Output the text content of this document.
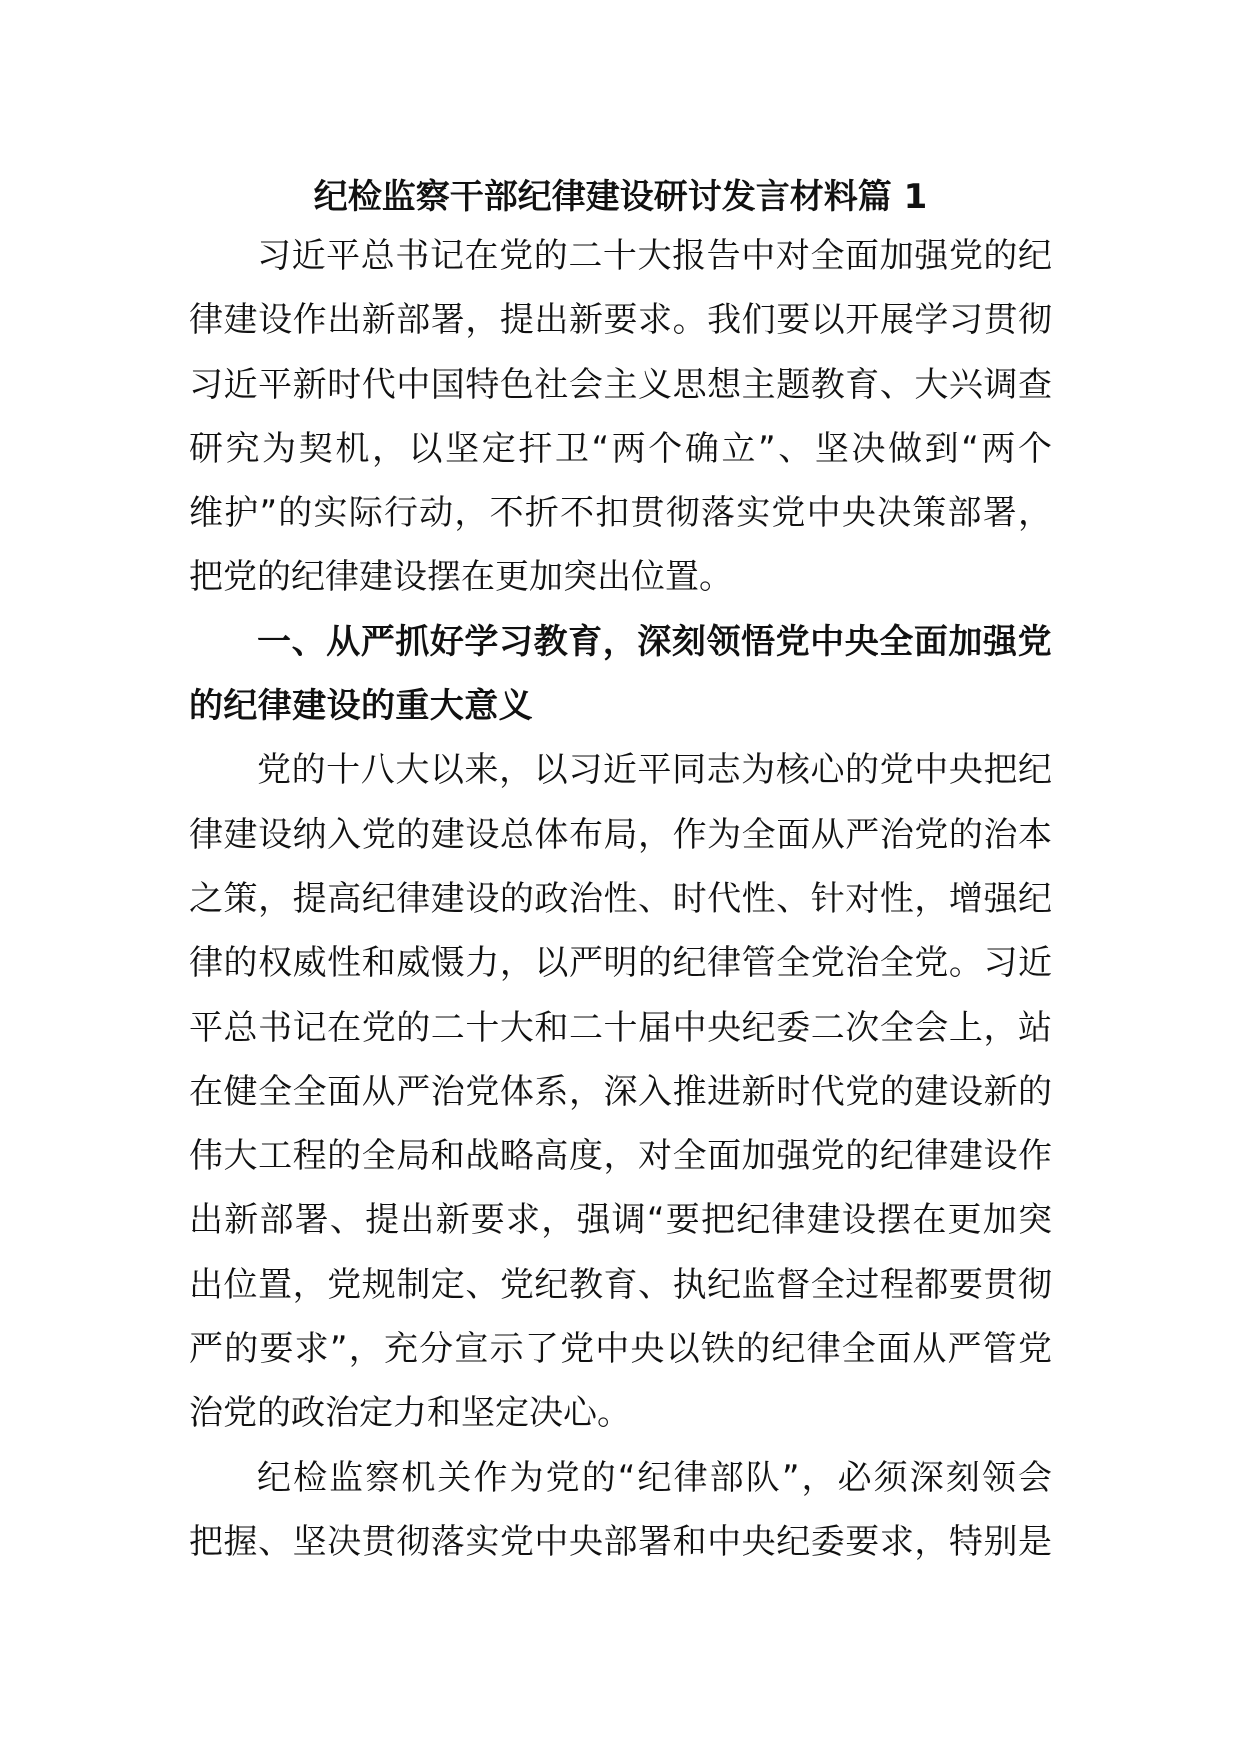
纪检监察干部纪律建设研讨发言材料篇 1
习近平总书记在党的二十大报告中对全面加强党的纪
律建设作出新部署，提出新要求。我们要以开展学习贯彻
习近平新时代中国特色社会主义思想主题教育、大兴调查
研究为契机，以坚定扞卫“两个确立”、坚决做到“两个
维护”的实际行动，不折不扣贯彻落实党中央决策部署，
把党的纪律建设摆在更加突出位置。
一、从严抓好学习教育，深刻领悟党中央全面加强党
的纪律建设的重大意义
党的十八大以来，以习近平同志为核心的党中央把纪
律建设纳入党的建设总体布局，作为全面从严治党的治本
之策，提高纪律建设的政治性、时代性、针对性，增强纪
律的权威性和威慑力，以严明的纪律管全党治全党。习近
平总书记在党的二十大和二十届中央纪委二次全会上，站
在健全全面从严治党体系，深入推进新时代党的建设新的
伟大工程的全局和战略高度，对全面加强党的纪律建设作
出新部署、提出新要求，强调“要把纪律建设摆在更加突
出位置，党规制定、党纪教育、执纪监督全过程都要贯彻
严的要求”，充分宣示了党中央以铁的纪律全面从严管党
治党的政治定力和坚定决心。
纪检监察机关作为党的“纪律部队”，必须深刻领会
把握、坚决贯彻落实党中央部署和中央纪委要求，特别是
